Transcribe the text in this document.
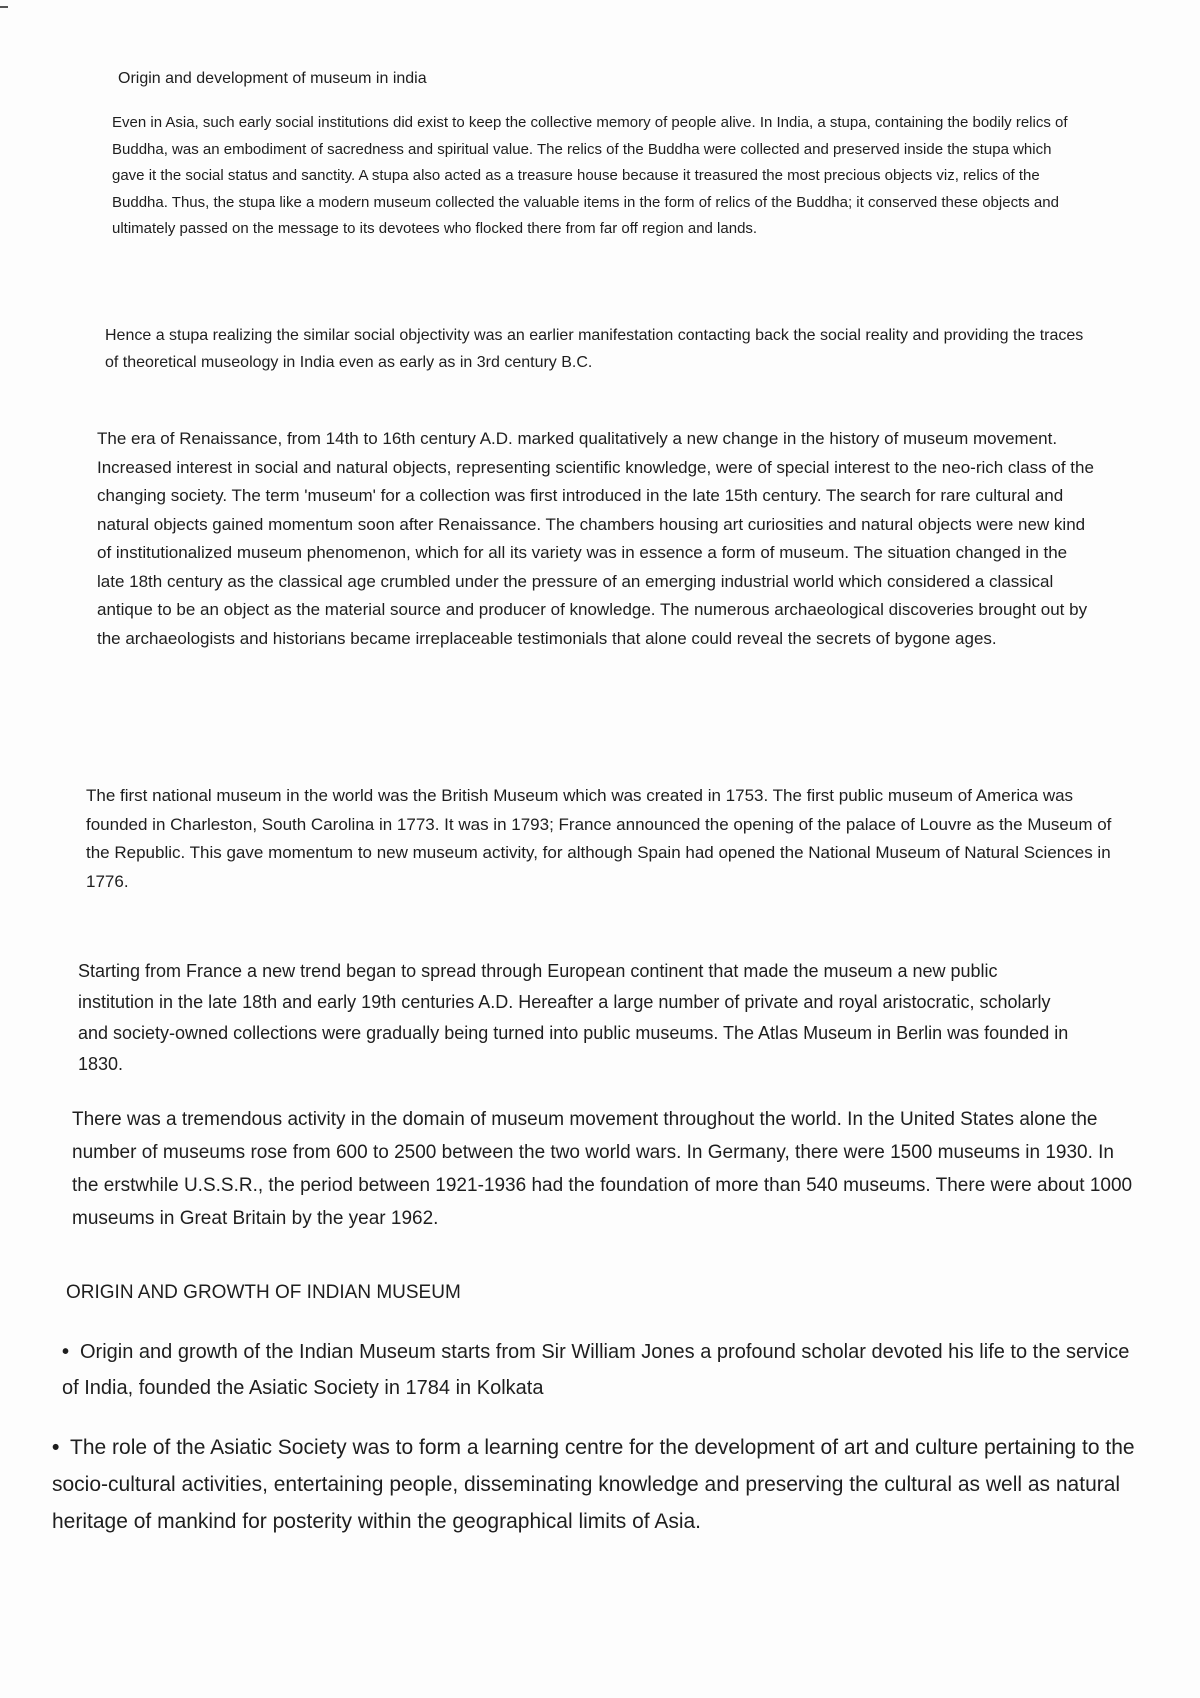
Origin and development of museum in india

Even in Asia, such early social institutions did exist to keep the collective memory of people alive. In India, a stupa, containing the bodily relics of Buddha, was an embodiment of sacredness and spiritual value. The relics of the Buddha were collected and preserved inside the stupa which gave it the social status and sanctity. A stupa also acted as a treasure house because it treasured the most precious objects viz, relics of the Buddha. Thus, the stupa like a modern museum collected the valuable items in the form of relics of the Buddha; it conserved these objects and ultimately passed on the message to its devotees who flocked there from far off region and lands.

Hence a stupa realizing the similar social objectivity was an earlier manifestation contacting back the social reality and providing the traces of theoretical museology in India even as early as in 3rd century B.C.

The era of Renaissance, from 14th to 16th century A.D. marked qualitatively a new change in the history of museum movement. Increased interest in social and natural objects, representing scientific knowledge, were of special interest to the neo-rich class of the changing society. The term 'museum' for a collection was first introduced in the late 15th century. The search for rare cultural and natural objects gained momentum soon after Renaissance. The chambers housing art curiosities and natural objects were new kind of institutionalized museum phenomenon, which for all its variety was in essence a form of museum. The situation changed in the late 18th century as the classical age crumbled under the pressure of an emerging industrial world which considered a classical antique to be an object as the material source and producer of knowledge. The numerous archaeological discoveries brought out by the archaeologists and historians became irreplaceable testimonials that alone could reveal the secrets of bygone ages.

The first national museum in the world was the British Museum which was created in 1753. The first public museum of America was founded in Charleston, South Carolina in 1773. It was in 1793; France announced the opening of the palace of Louvre as the Museum of the Republic. This gave momentum to new museum activity, for although Spain had opened the National Museum of Natural Sciences in 1776.

Starting from France a new trend began to spread through European continent that made the museum a new public institution in the late 18th and early 19th centuries A.D. Hereafter a large number of private and royal aristocratic, scholarly and society-owned collections were gradually being turned into public museums. The Atlas Museum in Berlin was founded in 1830.

There was a tremendous activity in the domain of museum movement throughout the world. In the United States alone the number of museums rose from 600 to 2500 between the two world wars. In Germany, there were 1500 museums in 1930. In the erstwhile U.S.S.R., the period between 1921-1936 had the foundation of more than 540 museums. There were about 1000 museums in Great Britain by the year 1962.

ORIGIN AND GROWTH OF INDIAN MUSEUM

• Origin and growth of the Indian Museum starts from Sir William Jones a profound scholar devoted his life to the service of India, founded the Asiatic Society in 1784 in Kolkata

• The role of the Asiatic Society was to form a learning centre for the development of art and culture pertaining to the socio-cultural activities, entertaining people, disseminating knowledge and preserving the cultural as well as natural heritage of mankind for posterity within the geographical limits of Asia.
